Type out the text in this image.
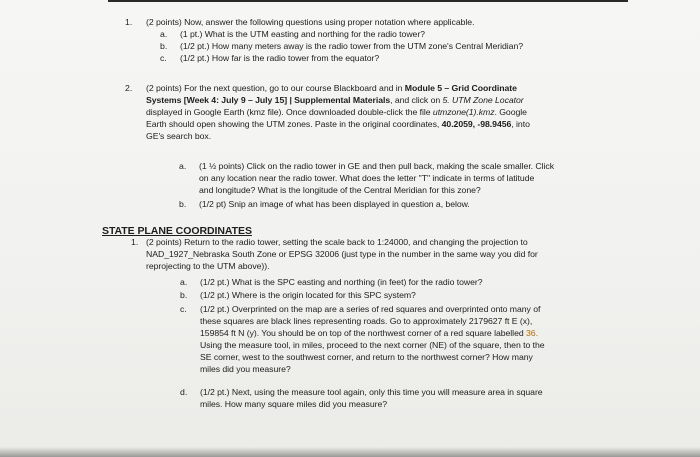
1. (2 points) Now, answer the following questions using proper notation where applicable.
a. (1 pt.) What is the UTM easting and northing for the radio tower?
b. (1/2 pt.) How many meters away is the radio tower from the UTM zone's Central Meridian?
c. (1/2 pt.) How far is the radio tower from the equator?
2. (2 points) For the next question, go to our course Blackboard and in Module 5 – Grid Coordinate
Systems [Week 4: July 9 – July 15] | Supplemental Materials, and click on 5. UTM Zone Locator
displayed in Google Earth (kmz file). Once downloaded double-click the file utmzone(1).kmz. Google
Earth should open showing the UTM zones. Paste in the original coordinates, 40.2059, -98.9456, into
GE's search box.
a. (1 ½ points) Click on the radio tower in GE and then pull back, making the scale smaller. Click
on any location near the radio tower. What does the letter "T" indicate in terms of latitude
and longitude? What is the longitude of the Central Meridian for this zone?
b. (1/2 pt) Snip an image of what has been displayed in question a, below.
STATE PLANE COORDINATES
1. (2 points) Return to the radio tower, setting the scale back to 1:24000, and changing the projection to
NAD_1927_Nebraska South Zone or EPSG 32006 (just type in the number in the same way you did for
reprojecting to the UTM above)).
a. (1/2 pt.) What is the SPC easting and northing (in feet) for the radio tower?
b. (1/2 pt.) Where is the origin located for this SPC system?
c. (1/2 pt.) Overprinted on the map are a series of red squares and overprinted onto many of
these squares are black lines representing roads. Go to approximately 2179627 ft E (x),
159854 ft N (y). You should be on top of the northwest corner of a red square labelled 36.
Using the measure tool, in miles, proceed to the next corner (NE) of the square, then to the
SE corner, west to the southwest corner, and return to the northwest corner? How many
miles did you measure?
d. (1/2 pt.) Next, using the measure tool again, only this time you will measure area in square
miles. How many square miles did you measure?
